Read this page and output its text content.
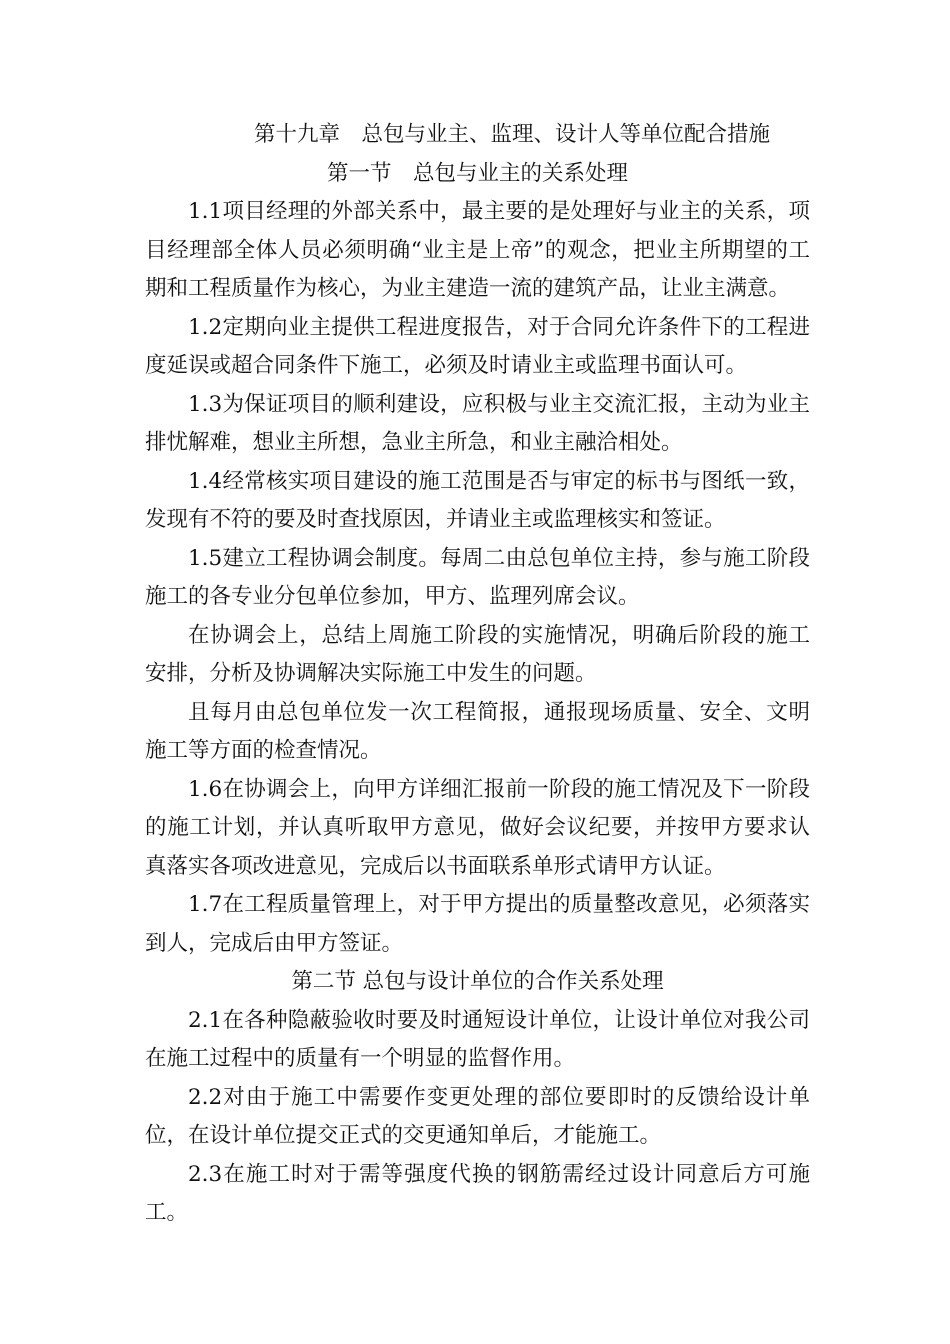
第十九章　总包与业主、监理、设计人等单位配合措施
第一节　总包与业主的关系处理

1.1项目经理的外部关系中，最主要的是处理好与业主的关系，项目经理部全体人员必须明确“业主是上帝”的观念，把业主所期望的工期和工程质量作为核心，为业主建造一流的建筑产品，让业主满意。

1.2定期向业主提供工程进度报告，对于合同允许条件下的工程进度延误或超合同条件下施工，必须及时请业主或监理书面认可。

1.3为保证项目的顺利建设，应积极与业主交流汇报，主动为业主排忧解难，想业主所想，急业主所急，和业主融洽相处。

1.4经常核实项目建设的施工范围是否与审定的标书与图纸一致，发现有不符的要及时查找原因，并请业主或监理核实和签证。

1.5建立工程协调会制度。每周二由总包单位主持，参与施工阶段施工的各专业分包单位参加，甲方、监理列席会议。

在协调会上，总结上周施工阶段的实施情况，明确后阶段的施工安排，分析及协调解决实际施工中发生的问题。

且每月由总包单位发一次工程简报，通报现场质量、安全、文明施工等方面的检查情况。

1.6在协调会上，向甲方详细汇报前一阶段的施工情况及下一阶段的施工计划，并认真听取甲方意见，做好会议纪要，并按甲方要求认真落实各项改进意见，完成后以书面联系单形式请甲方认证。

1.7在工程质量管理上，对于甲方提出的质量整改意见，必须落实到人，完成后由甲方签证。

第二节 总包与设计单位的合作关系处理

2.1在各种隐蔽验收时要及时通短设计单位，让设计单位对我公司在施工过程中的质量有一个明显的监督作用。

2.2对由于施工中需要作变更处理的部位要即时的反馈给设计单位，在设计单位提交正式的交更通知单后，才能施工。

2.3在施工时对于需等强度代换的钢筋需经过设计同意后方可施工。
